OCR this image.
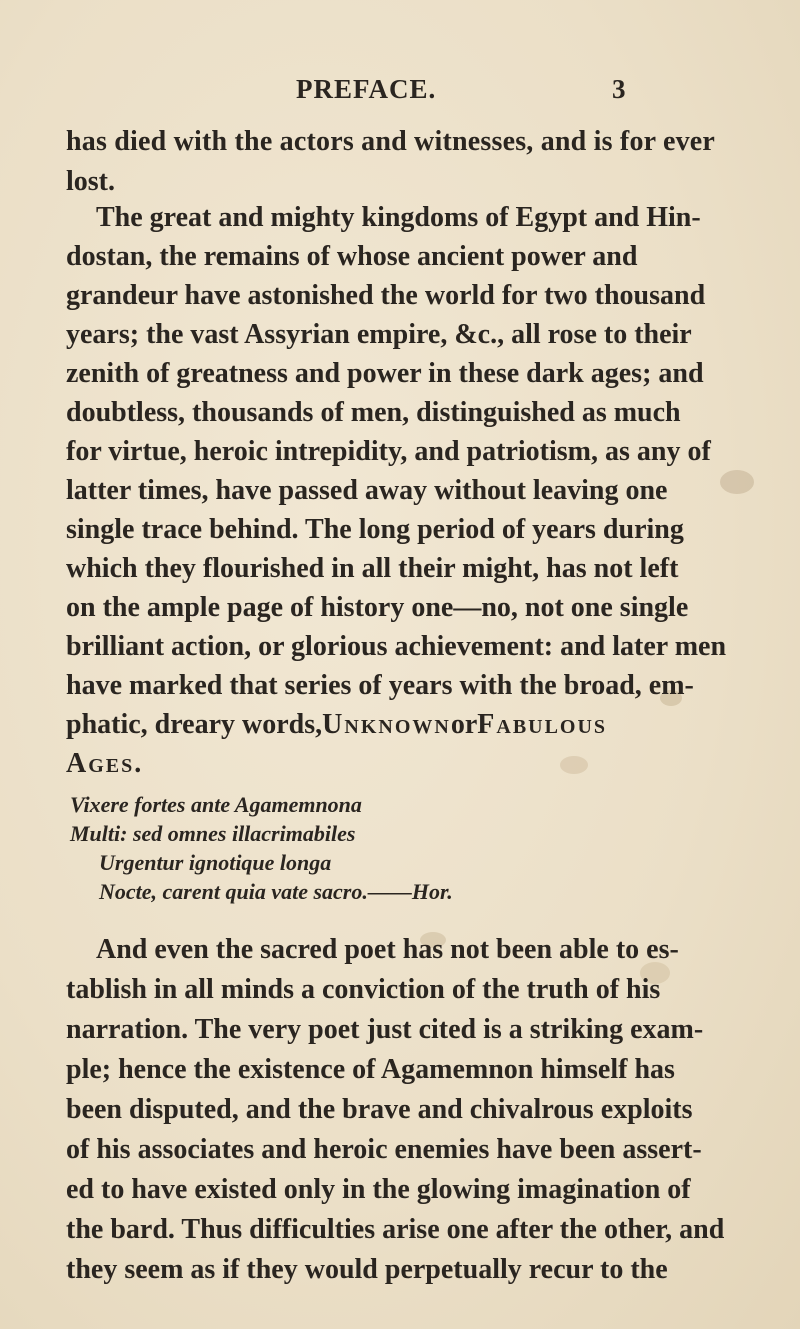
PREFACE.	3
has died with the actors and witnesses, and is for ever
lost.
The great and mighty kingdoms of Egypt and Hin-
dostan, the remains of whose ancient power and
grandeur have astonished the world for two thousand
years; the vast Assyrian empire, &c., all rose to their
zenith of greatness and power in these dark ages; and
doubtless, thousands of men, distinguished as much
for virtue, heroic intrepidity, and patriotism, as any of
latter times, have passed away without leaving one
single trace behind. The long period of years during
which they flourished in all their might, has not left
on the ample page of history one—no, not one single
brilliant action, or glorious achievement: and later men
have marked that series of years with the broad, em-
phatic, dreary words, Unknown or Fabulous
Ages.
Vixere fortes ante Agamemnona
Multi: sed omnes illacrimabiles
Urgentur ignotique longa
Nocte, carent quia vate sacro.——Hor.
And even the sacred poet has not been able to es-
tablish in all minds a conviction of the truth of his
narration. The very poet just cited is a striking exam-
ple; hence the existence of Agamemnon himself has
been disputed, and the brave and chivalrous exploits
of his associates and heroic enemies have been assert-
ed to have existed only in the glowing imagination of
the bard. Thus difficulties arise one after the other, and
they seem as if they would perpetually recur to the
